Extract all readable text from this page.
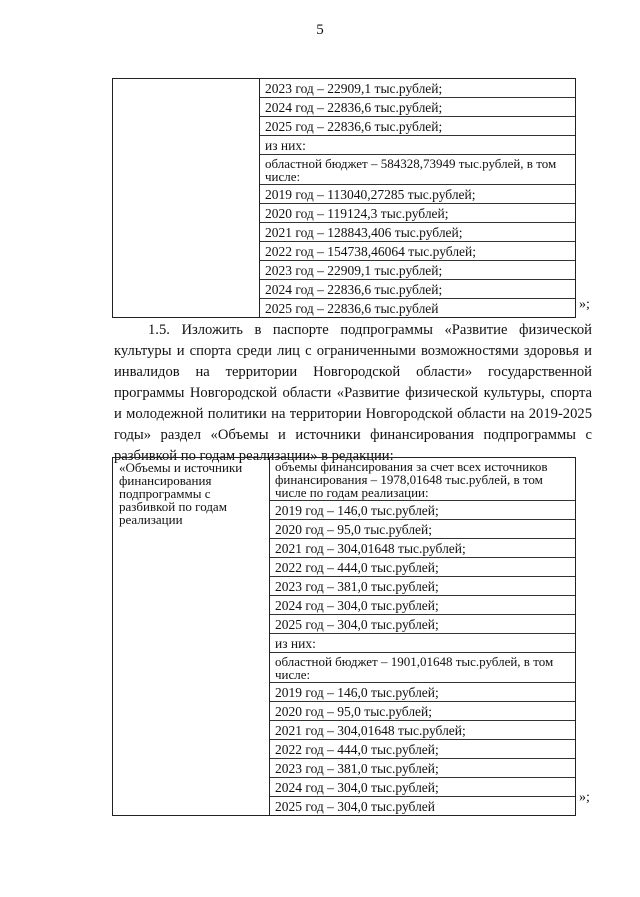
5

2023 год – 22909,1 тыс.рублей;
2024 год – 22836,6 тыс.рублей;
2025 год – 22836,6 тыс.рублей;
из них:
областной бюджет – 584328,73949 тыс.рублей, в том числе:
2019 год – 113040,27285 тыс.рублей;
2020 год – 119124,3 тыс.рублей;
2021 год – 128843,406 тыс.рублей;
2022 год – 154738,46064 тыс.рублей;
2023 год – 22909,1 тыс.рублей;
2024 год – 22836,6 тыс.рублей;
2025 год – 22836,6 тыс.рублей	»;
1.5. Изложить в паспорте подпрограммы «Развитие физической культуры и спорта среди лиц с ограниченными возможностями здоровья и инвалидов на территории Новгородской области» государственной программы Новгородской области «Развитие физической культуры, спорта и молодежной политики на территории Новгородской области на 2019-2025 годы» раздел «Объемы и источники финансирования подпрограммы с разбивкой по годам реализации» в редакции:
«Объемы и источники финансирования подпрограммы с разбивкой по годам реализации	
объемы финансирования за счет всех источников финансирования – 1978,01648 тыс.рублей, в том числе по годам реализации:
2019 год – 146,0 тыс.рублей;
2020 год – 95,0 тыс.рублей;
2021 год – 304,01648 тыс.рублей;
2022 год – 444,0 тыс.рублей;
2023 год – 381,0 тыс.рублей;
2024 год – 304,0 тыс.рублей;
2025 год – 304,0 тыс.рублей;
из них:
областной бюджет – 1901,01648 тыс.рублей, в том числе:
2019 год – 146,0 тыс.рублей;
2020 год – 95,0 тыс.рублей;
2021 год – 304,01648 тыс.рублей;
2022 год – 444,0 тыс.рублей;
2023 год – 381,0 тыс.рублей;
2024 год – 304,0 тыс.рублей;
2025 год – 304,0 тыс.рублей
»;
